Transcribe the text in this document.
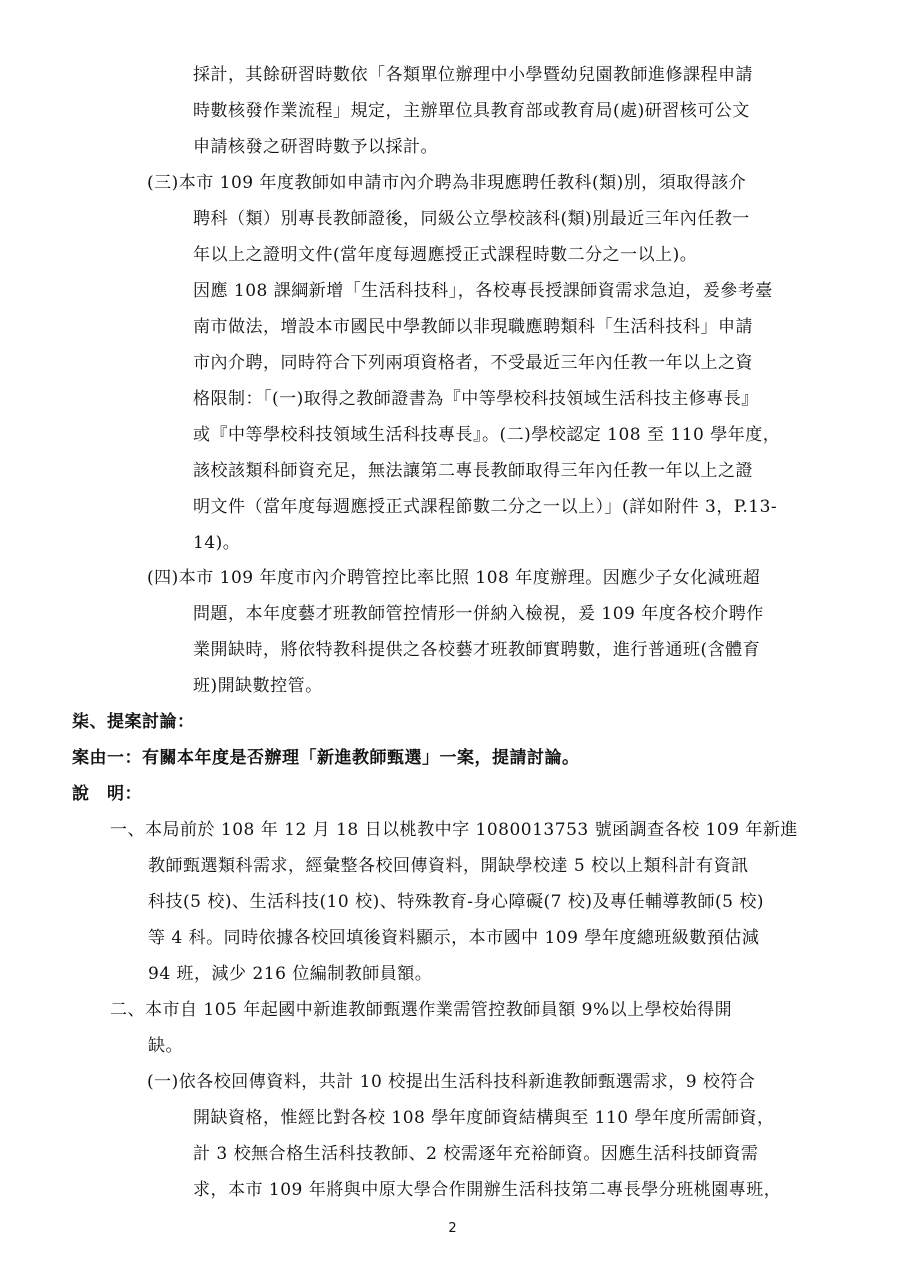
採計，其餘研習時數依「各類單位辦理中小學暨幼兒園教師進修課程申請
時數核發作業流程」規定，主辦單位具教育部或教育局(處)研習核可公文
申請核發之研習時數予以採計。
(三)本市 109 年度教師如申請市內介聘為非現應聘任教科(類)別，須取得該介
聘科（類）別專長教師證後，同級公立學校該科(類)別最近三年內任教一
年以上之證明文件(當年度每週應授正式課程時數二分之一以上)。
因應 108 課綱新增「生活科技科」，各校專長授課師資需求急迫，爰參考臺
南市做法，增設本市國民中學教師以非現職應聘類科「生活科技科」申請
市內介聘，同時符合下列兩項資格者，不受最近三年內任教一年以上之資
格限制：「(一)取得之教師證書為『中等學校科技領域生活科技主修專長』
或『中等學校科技領域生活科技專長』。(二)學校認定 108 至 110 學年度，
該校該類科師資充足，無法讓第二專長教師取得三年內任教一年以上之證
明文件（當年度每週應授正式課程節數二分之一以上）」(詳如附件 3，P.13-
14)。
(四)本市 109 年度市內介聘管控比率比照 108 年度辦理。因應少子女化減班超
問題，本年度藝才班教師管控情形一併納入檢視，爰 109 年度各校介聘作
業開缺時，將依特教科提供之各校藝才班教師實聘數，進行普通班(含體育
班)開缺數控管。
柒、提案討論：
案由一：有關本年度是否辦理「新進教師甄選」一案，提請討論。
說　明：
一、本局前於 108 年 12 月 18 日以桃教中字 1080013753 號函調查各校 109 年新進
教師甄選類科需求，經彙整各校回傳資料，開缺學校達 5 校以上類科計有資訊
科技(5 校)、生活科技(10 校)、特殊教育-身心障礙(7 校)及專任輔導教師(5 校)
等 4 科。同時依據各校回填後資料顯示，本市國中 109 學年度總班級數預估減
94 班，減少 216 位編制教師員額。
二、本市自 105 年起國中新進教師甄選作業需管控教師員額 9%以上學校始得開
缺。
(一)依各校回傳資料，共計 10 校提出生活科技科新進教師甄選需求，9 校符合
開缺資格，惟經比對各校 108 學年度師資結構與至 110 學年度所需師資，
計 3 校無合格生活科技教師、2 校需逐年充裕師資。因應生活科技師資需
求，本市 109 年將與中原大學合作開辦生活科技第二專長學分班桃園專班，
2
